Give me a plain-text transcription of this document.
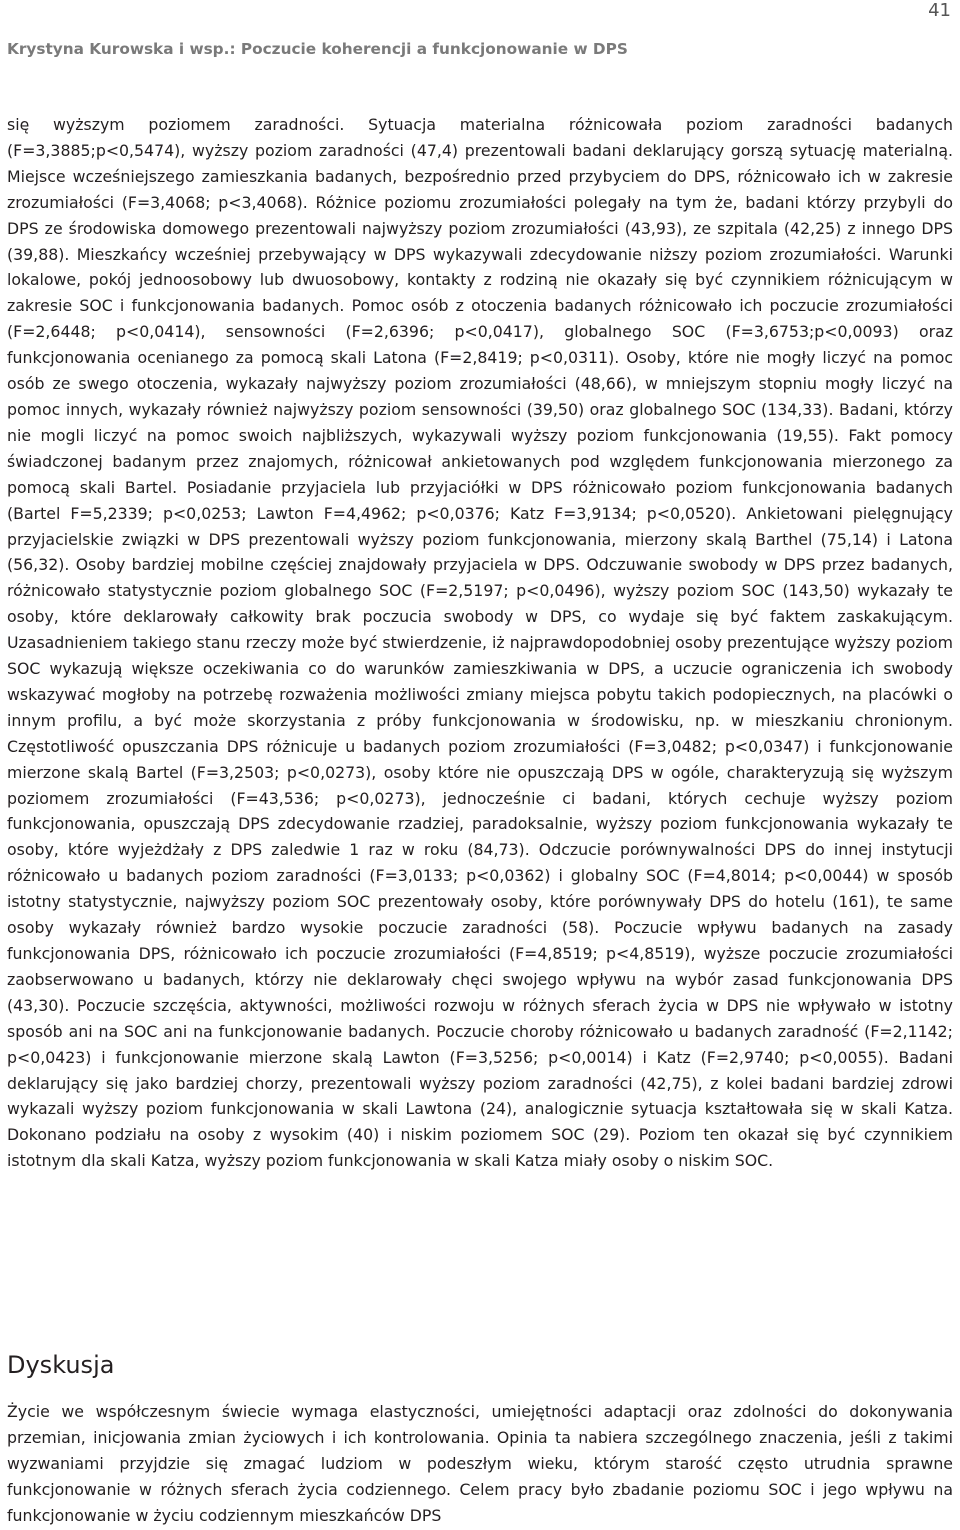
41
Krystyna Kurowska i wsp.: Poczucie koherencji a funkcjonowanie w DPS

się wyższym poziomem zaradności. Sytuacja materialna różnicowała poziom zaradności badanych (F=3,3885;p<0,5474), wyższy poziom zaradności (47,4) prezentowali badani deklarujący gorszą sytuację materialną. Miejsce wcześniejszego zamieszkania badanych, bezpośrednio przed przybyciem do DPS, różnicowało ich w zakresie zrozumiałości (F=3,4068; p<3,4068). Różnice poziomu zrozumiałości polegały na tym że, badani którzy przybyli do DPS ze środowiska domowego prezentowali najwyższy poziom zrozumiałości (43,93), ze szpitala (42,25) z innego DPS (39,88). Mieszkańcy wcześniej przebywający w DPS wykazywali zdecydowanie niższy poziom zrozumiałości. Warunki lokalowe, pokój jednoosobowy lub dwuosobowy, kontakty z rodziną nie okazały się być czynnikiem różnicującym w zakresie SOC i funkcjonowania badanych. Pomoc osób z otoczenia badanych różnicowało ich poczucie zrozumiałości (F=2,6448; p<0,0414), sensowności (F=2,6396; p<0,0417), globalnego SOC (F=3,6753;p<0,0093) oraz funkcjonowania ocenianego za pomocą skali Latona (F=2,8419; p<0,0311). Osoby, które nie mogły liczyć na pomoc osób ze swego otoczenia, wykazały najwyższy poziom zrozumiałości (48,66), w mniejszym stopniu mogły liczyć na pomoc innych, wykazały również najwyższy poziom sensowności (39,50) oraz globalnego SOC (134,33). Badani, którzy nie mogli liczyć na pomoc swoich najbliższych, wykazywali wyższy poziom funkcjonowania (19,55). Fakt pomocy świadczonej badanym przez znajomych, różnicował ankietowanych pod względem funkcjonowania mierzonego za pomocą skali Bartel. Posiadanie przyjaciela lub przyjaciółki w DPS różnicowało poziom funkcjonowania badanych (Bartel F=5,2339; p<0,0253; Lawton F=4,4962; p<0,0376; Katz F=3,9134; p<0,0520). Ankietowani pielęgnujący przyjacielskie związki w DPS prezentowali wyższy poziom funkcjonowania, mierzony skalą Barthel (75,14) i Latona (56,32). Osoby bardziej mobilne częściej znajdowały przyjaciela w DPS. Odczuwanie swobody w DPS przez badanych, różnicowało statystycznie poziom globalnego SOC (F=2,5197; p<0,0496), wyższy poziom SOC (143,50) wykazały te osoby, które deklarowały całkowity brak poczucia swobody w DPS, co wydaje się być faktem zaskakującym. Uzasadnieniem takiego stanu rzeczy może być stwierdzenie, iż najprawdopodobniej osoby prezentujące wyższy poziom SOC wykazują większe oczekiwania co do warunków zamieszkiwania w DPS, a uczucie ograniczenia ich swobody wskazywać mogłoby na potrzebę rozważenia możliwości zmiany miejsca pobytu takich podopiecznych, na placówki o innym profilu, a być może skorzystania z próby funkcjonowania w środowisku, np. w mieszkaniu chronionym. Częstotliwość opuszczania DPS różnicuje u badanych poziom zrozumiałości (F=3,0482; p<0,0347) i funkcjonowanie mierzone skalą Bartel (F=3,2503; p<0,0273), osoby które nie opuszczają DPS w ogóle, charakteryzują się wyższym poziomem zrozumiałości (F=43,536; p<0,0273), jednocześnie ci badani, których cechuje wyższy poziom funkcjonowania, opuszczają DPS zdecydowanie rzadziej, paradoksalnie, wyższy poziom funkcjonowania wykazały te osoby, które wyjeżdżały z DPS zaledwie 1 raz w roku (84,73). Odczucie porównywalności DPS do innej instytucji różnicowało u badanych poziom zaradności (F=3,0133; p<0,0362) i globalny SOC (F=4,8014; p<0,0044) w sposób istotny statystycznie, najwyższy poziom SOC prezentowały osoby, które porównywały DPS do hotelu (161), te same osoby wykazały również bardzo wysokie poczucie zaradności (58). Poczucie wpływu badanych na zasady funkcjonowania DPS, różnicowało ich poczucie zrozumiałości (F=4,8519; p<4,8519), wyższe poczucie zrozumiałości zaobserwowano u badanych, którzy nie deklarowały chęci swojego wpływu na wybór zasad funkcjonowania DPS (43,30). Poczucie szczęścia, aktywności, możliwości rozwoju w różnych sferach życia w DPS nie wpływało w istotny sposób ani na SOC ani na funkcjonowanie badanych. Poczucie choroby różnicowało u badanych zaradność (F=2,1142; p<0,0423) i funkcjonowanie mierzone skalą Lawton (F=3,5256; p<0,0014) i Katz (F=2,9740; p<0,0055). Badani deklarujący się jako bardziej chorzy, prezentowali wyższy poziom zaradności (42,75), z kolei badani bardziej zdrowi wykazali wyższy poziom funkcjonowania w skali Lawtona (24), analogicznie sytuacja kształtowała się w skali Katza. Dokonano podziału na osoby z wysokim (40) i niskim poziomem SOC (29). Poziom ten okazał się być czynnikiem istotnym dla skali Katza, wyższy poziom funkcjonowania w skali Katza miały osoby o niskim SOC.

Dyskusja

Życie we współczesnym świecie wymaga elastyczności, umiejętności adaptacji oraz zdolności do dokonywania przemian, inicjowania zmian życiowych i ich kontrolowania. Opinia ta nabiera szczególnego znaczenia, jeśli z takimi wyzwaniami przyjdzie się zmagać ludziom w podeszłym wieku, którym starość często utrudnia sprawne funkcjonowanie w różnych sferach życia codziennego. Celem pracy było zbadanie poziomu SOC i jego wpływu na funkcjonowanie w życiu codziennym mieszkańców DPS
